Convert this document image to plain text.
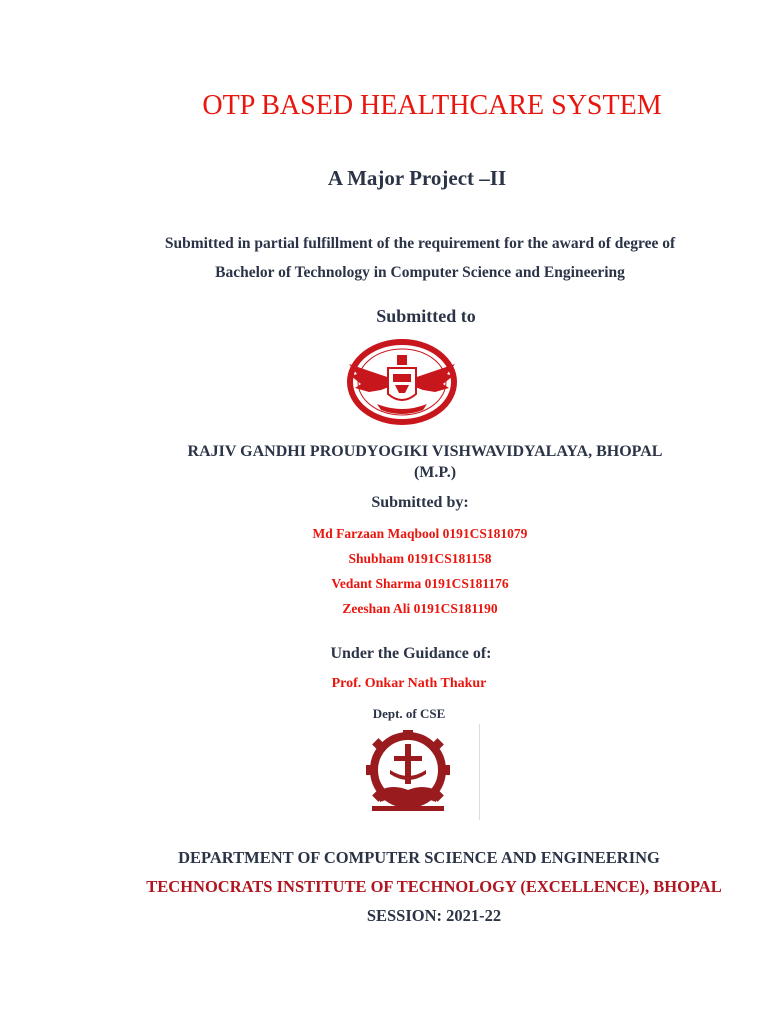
OTP BASED HEALTHCARE SYSTEM
A Major Project –II
Submitted in partial fulfillment of the requirement for the award of degree of
Bachelor of Technology in Computer Science and Engineering
Submitted to
RAJIV GANDHI PROUDYOGIKI VISHWAVIDYALAYA, BHOPAL
(M.P.)
Submitted by:
Md Farzaan Maqbool 0191CS181079
Shubham 0191CS181158
Vedant Sharma 0191CS181176
Zeeshan Ali 0191CS181190
Under the Guidance of:
Prof. Onkar Nath Thakur
Dept. of CSE
DEPARTMENT OF COMPUTER SCIENCE AND ENGINEERING
TECHNOCRATS INSTITUTE OF TECHNOLOGY (EXCELLENCE), BHOPAL
SESSION: 2021-22
